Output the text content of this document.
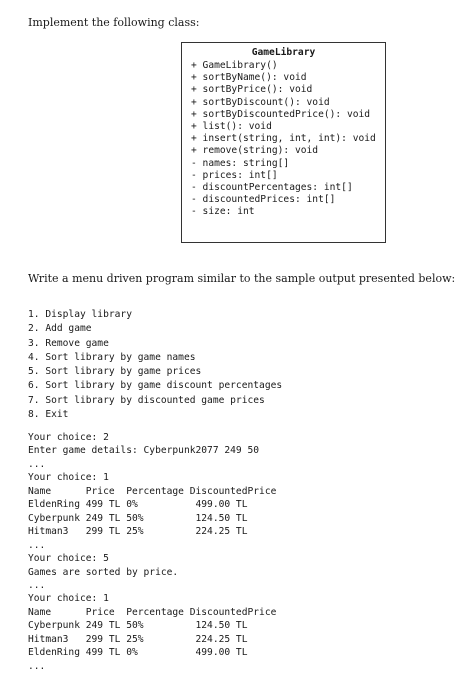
Implement the following class:
GameLibrary
+ GameLibrary()
+ sortByName(): void
+ sortByPrice(): void
+ sortByDiscount(): void
+ sortByDiscountedPrice(): void
+ list(): void
+ insert(string, int, int): void
+ remove(string): void
- names: string[]
- prices: int[]
- discountPercentages: int[]
- discountedPrices: int[]
- size: int
Write a menu driven program similar to the sample output presented below:
1. Display library
2. Add game
3. Remove game
4. Sort library by game names
5. Sort library by game prices
6. Sort library by game discount percentages
7. Sort library by discounted game prices
8. Exit
Your choice: 2
Enter game details: Cyberpunk2077 249 50
...
Your choice: 1
Name      Price  Percentage DiscountedPrice
EldenRing 499 TL 0%          499.00 TL
Cyberpunk 249 TL 50%         124.50 TL
Hitman3   299 TL 25%         224.25 TL
...
Your choice: 5
Games are sorted by price.
...
Your choice: 1
Name      Price  Percentage DiscountedPrice
Cyberpunk 249 TL 50%         124.50 TL
Hitman3   299 TL 25%         224.25 TL
EldenRing 499 TL 0%          499.00 TL
...
